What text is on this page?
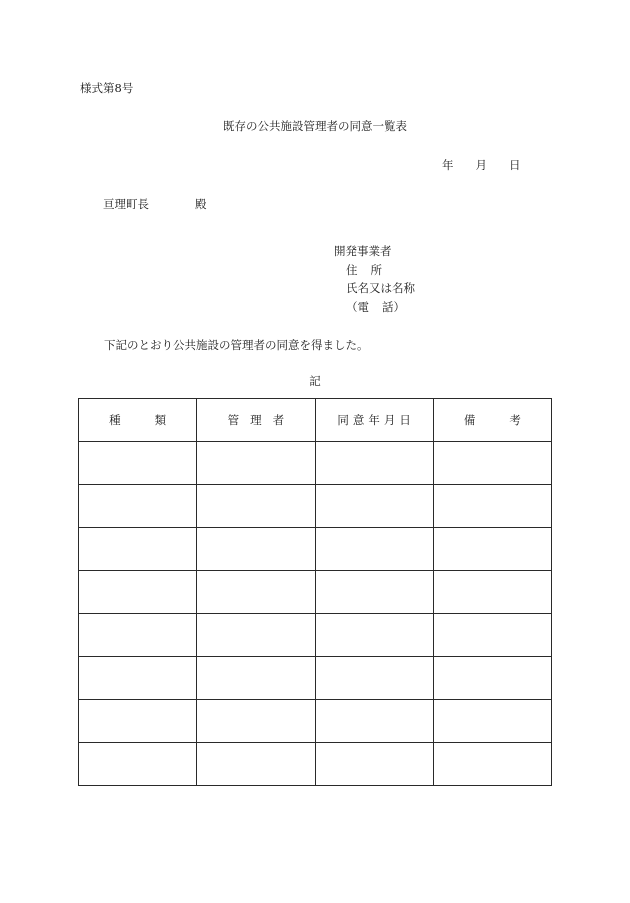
様式第8号
既存の公共施設管理者の同意一覧表
年 月 日
亘理町長	殿
開発事業者
住 所
氏名又は名称
（電 話）
下記のとおり公共施設の管理者の同意を得ました。
記
種 類	管 理 者	同 意 年 月 日	備 考
